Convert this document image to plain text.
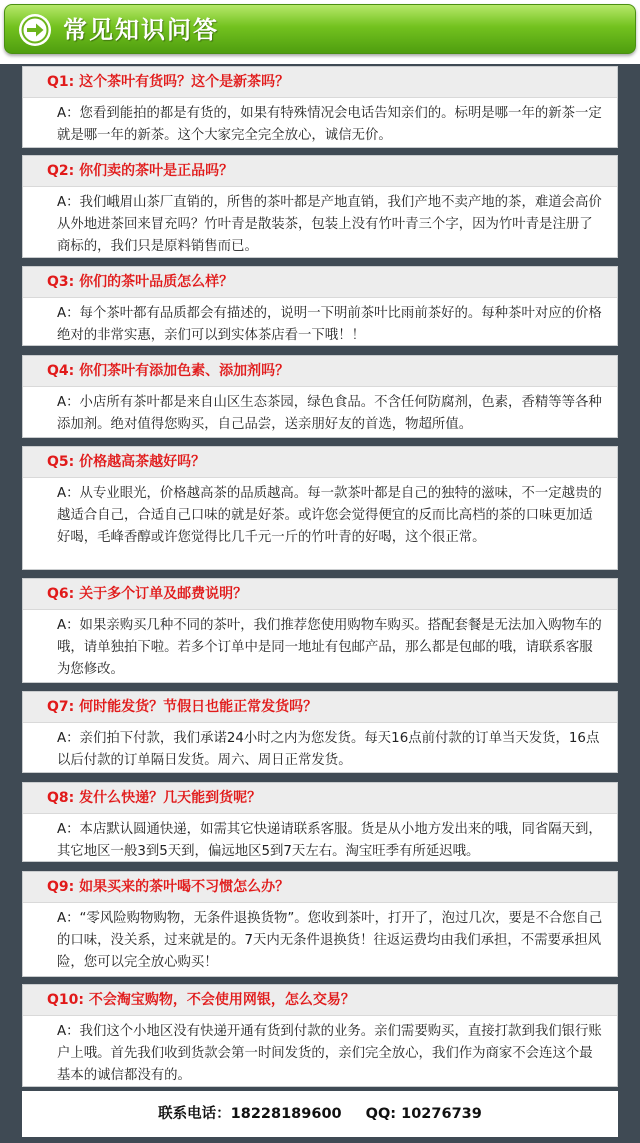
常见知识问答
Q1: 这个茶叶有货吗？这个是新茶吗？
A：您看到能拍的都是有货的，如果有特殊情况会电话告知亲们的。标明是哪一年的新茶一定就是哪一年的新茶。这个大家完全完全放心，诚信无价。
Q2: 你们卖的茶叶是正品吗？
A：我们峨眉山茶厂直销的，所售的茶叶都是产地直销，我们产地不卖产地的茶，难道会高价从外地进茶回来冒充吗？竹叶青是散装茶，包装上没有竹叶青三个字，因为竹叶青是注册了商标的，我们只是原料销售而已。
Q3: 你们的茶叶品质怎么样？
A：每个茶叶都有品质都会有描述的，说明一下明前茶叶比雨前茶好的。每种茶叶对应的价格绝对的非常实惠，亲们可以到实体茶店看一下哦！！
Q4: 你们茶叶有添加色素、添加剂吗？
A：小店所有茶叶都是来自山区生态茶园，绿色食品。不含任何防腐剂，色素，香精等等各种添加剂。绝对值得您购买，自己品尝，送亲朋好友的首选，物超所值。
Q5: 价格越高茶越好吗？
A：从专业眼光，价格越高茶的品质越高。每一款茶叶都是自己的独特的滋味，不一定越贵的越适合自己，合适自己口味的就是好茶。或许您会觉得便宜的反而比高档的茶的口味更加适好喝，毛峰香醇或许您觉得比几千元一斤的竹叶青的好喝，这个很正常。
Q6: 关于多个订单及邮费说明？
A：如果亲购买几种不同的茶叶，我们推荐您使用购物车购买。搭配套餐是无法加入购物车的哦，请单独拍下啦。若多个订单中是同一地址有包邮产品，那么都是包邮的哦，请联系客服为您修改。
Q7: 何时能发货？节假日也能正常发货吗？
A：亲们拍下付款，我们承诺24小时之内为您发货。每天16点前付款的订单当天发货，16点以后付款的订单隔日发货。周六、周日正常发货。
Q8: 发什么快递？几天能到货呢？
A：本店默认圆通快递，如需其它快递请联系客服。货是从小地方发出来的哦，同省隔天到，其它地区一般3到5天到，偏远地区5到7天左右。淘宝旺季有所延迟哦。
Q9: 如果买来的茶叶喝不习惯怎么办？
A：“零风险购物购物，无条件退换货物”。您收到茶叶，打开了，泡过几次，要是不合您自己的口味，没关系，过来就是的。7天内无条件退换货！往返运费均由我们承担，不需要承担风险，您可以完全放心购买！
Q10: 不会淘宝购物，不会使用网银，怎么交易？
A：我们这个小地区没有快递开通有货到付款的业务。亲们需要购买，直接打款到我们银行账户上哦。首先我们收到货款会第一时间发货的，亲们完全放心，我们作为商家不会连这个最基本的诚信都没有的。
联系电话：18228189600 QQ: 10276739
